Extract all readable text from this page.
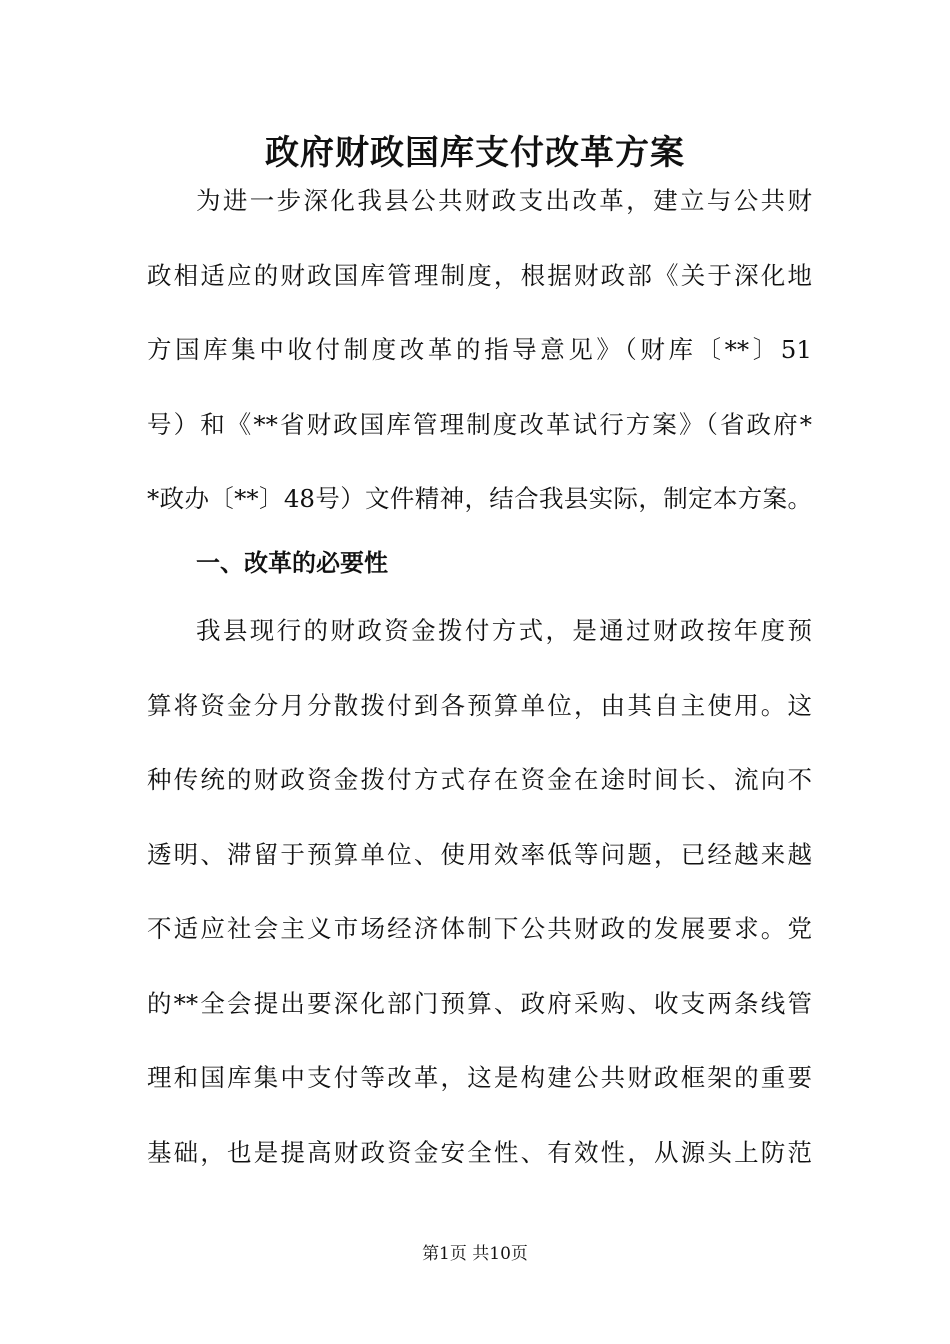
政府财政国库支付改革方案
为进一步深化我县公共财政支出改革，建立与公共财
政相适应的财政国库管理制度，根据财政部《关于深化地
方国库集中收付制度改革的指导意见》（财库〔**〕51
号）和《**省财政国库管理制度改革试行方案》（省政府*
*政办〔**〕48号）文件精神，结合我县实际，制定本方案。
一、改革的必要性
我县现行的财政资金拨付方式，是通过财政按年度预
算将资金分月分散拨付到各预算单位，由其自主使用。这
种传统的财政资金拨付方式存在资金在途时间长、流向不
透明、滞留于预算单位、使用效率低等问题，已经越来越
不适应社会主义市场经济体制下公共财政的发展要求。党
的**全会提出要深化部门预算、政府采购、收支两条线管
理和国库集中支付等改革，这是构建公共财政框架的重要
基础，也是提高财政资金安全性、有效性，从源头上防范
第1页 共10页
